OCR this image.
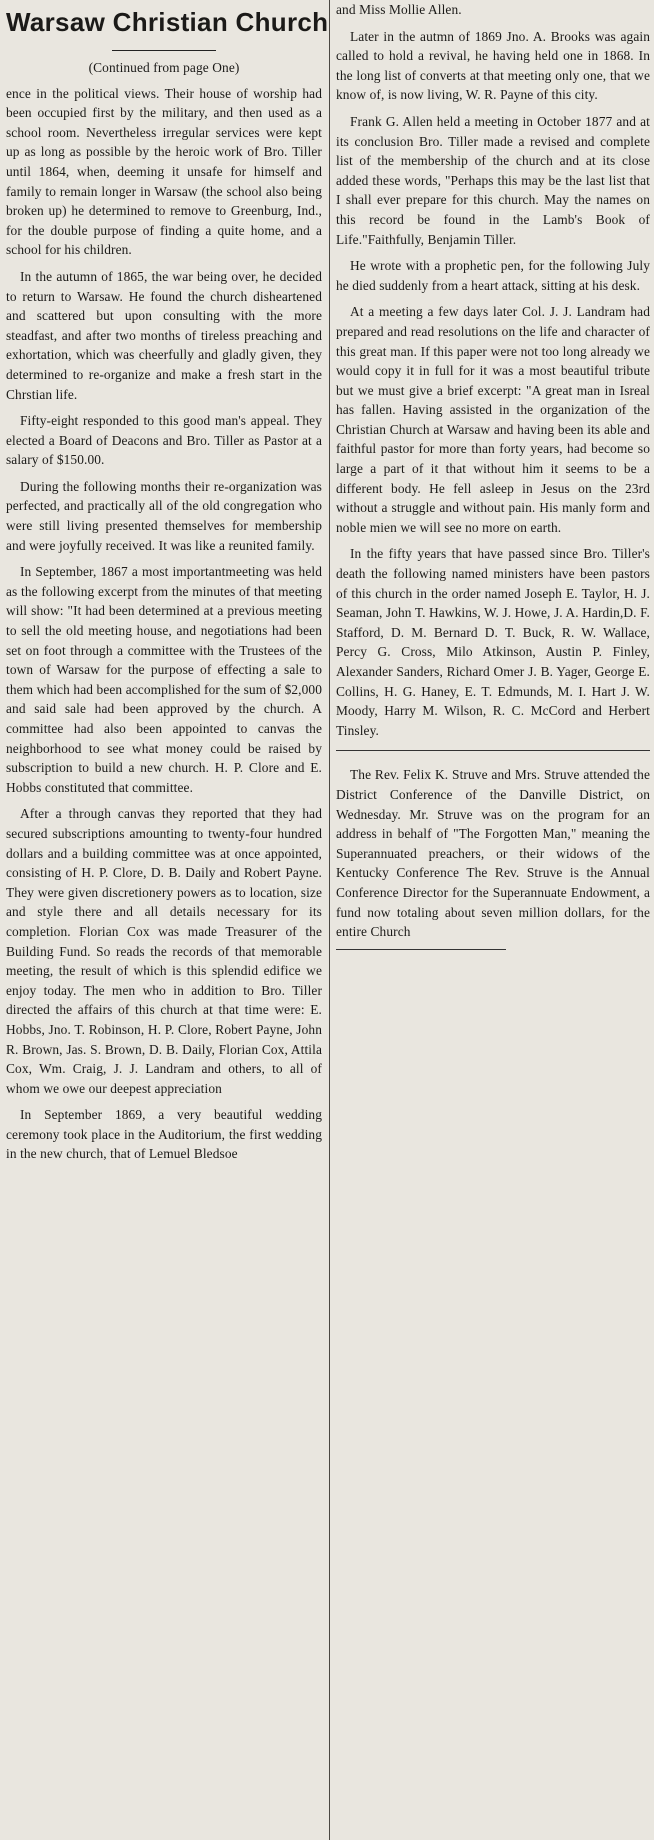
Warsaw Christian Church
(Continued from page One)

ence in the political views. Their house of worship had been occupied first by the military, and then used as a school room. Nevertheless irregular services were kept up as long as possible by the heroic work of Bro. Tiller until 1864, when, deeming it unsafe for himself and family to remain longer in Warsaw (the school also being broken up) he determined to remove to Greenburg, Ind., for the double purpose of finding a quite home, and a school for his children.

In the autumn of 1865, the war being over, he decided to return to Warsaw. He found the church disheartened and scattered but upon consulting with the more steadfast, and after two months of tireless preaching and exhortation, which was cheerfully and gladly given, they determined to re-organize and make a fresh start in the Chrstian life.

Fifty-eight responded to this good man's appeal. They elected a Board of Deacons and Bro. Tiller as Pastor at a salary of $150.00.

During the following months their re-organization was perfected, and practically all of the old congregation who were still living presented themselves for membership and were joyfully received. It was like a reunited family.

In September, 1867 a most importantmeeting was held as the following excerpt from the minutes of that meeting will show: "It had been determined at a previous meeting to sell the old meeting house, and negotiations had been set on foot through a committee with the Trustees of the town of Warsaw for the purpose of effecting a sale to them which had been accomplished for the sum of $2,000 and said sale had been approved by the church. A committee had also been appointed to canvas the neighborhood to see what money could be raised by subscription to build a new church. H. P. Clore and E. Hobbs constituted that committee.

After a through canvas they reported that they had secured subscriptions amounting to twenty-four hundred dollars and a building committee was at once appointed, consisting of H. P. Clore, D. B. Daily and Robert Payne. They were given discretionery powers as to location, size and style there and all details necessary for its completion. Florian Cox was made Treasurer of the Building Fund. So reads the records of that memorable meeting, the result of which is this splendid edifice we enjoy today. The men who in addition to Bro. Tiller directed the affairs of this church at that time were: E. Hobbs, Jno. T. Robinson, H. P. Clore, Robert Payne, John R. Brown, Jas. S. Brown, D. B. Daily, Florian Cox, Attila Cox, Wm. Craig, J. J. Landram and others, to all of whom we owe our deepest appreciation

In September 1869, a very beautiful wedding ceremony took place in the Auditorium, the first wedding in the new church, that of Lemuel Bledsoe

and Miss Mollie Allen.

Later in the autmn of 1869 Jno. A. Brooks was again called to hold a revival, he having held one in 1868. In the long list of converts at that meeting only one, that we know of, is now living, W. R. Payne of this city.

Frank G. Allen held a meeting in October 1877 and at its conclusion Bro. Tiller made a revised and complete list of the membership of the church and at its close added these words, "Perhaps this may be the last list that I shall ever prepare for this church. May the names on this record be found in the Lamb's Book of Life."Faithfully, Benjamin Tiller.

He wrote with a prophetic pen, for the following July he died suddenly from a heart attack, sitting at his desk.

At a meeting a few days later Col. J. J. Landram had prepared and read resolutions on the life and character of this great man. If this paper were not too long already we would copy it in full for it was a most beautiful tribute but we must give a brief excerpt: "A great man in Isreal has fallen. Having assisted in the organization of the Christian Church at Warsaw and having been its able and faithful pastor for more than forty years, had become so large a part of it that without him it seems to be a different body. He fell asleep in Jesus on the 23rd without a struggle and without pain. His manly form and noble mien we will see no more on earth.

In the fifty years that have passed since Bro. Tiller's death the following named ministers have been pastors of this church in the order named Joseph E. Taylor, H. J. Seaman, John T. Hawkins, W. J. Howe, J. A. Hardin,D. F. Stafford, D. M. Bernard D. T. Buck, R. W. Wallace, Percy G. Cross, Milo Atkinson, Austin P. Finley, Alexander Sanders, Richard Omer J. B. Yager, George E. Collins, H. G. Haney, E. T. Edmunds, M. I. Hart J. W. Moody, Harry M. Wilson, R. C. McCord and Herbert Tinsley.

The Rev. Felix K. Struve and Mrs. Struve attended the District Conference of the Danville District, on Wednesday. Mr. Struve was on the program for an address in behalf of "The Forgotten Man," meaning the Superannuated preachers, or their widows of the Kentucky Conference The Rev. Struve is the Annual Conference Director for the Superannuate Endowment, a fund now totaling about seven million dollars, for the entire Church
